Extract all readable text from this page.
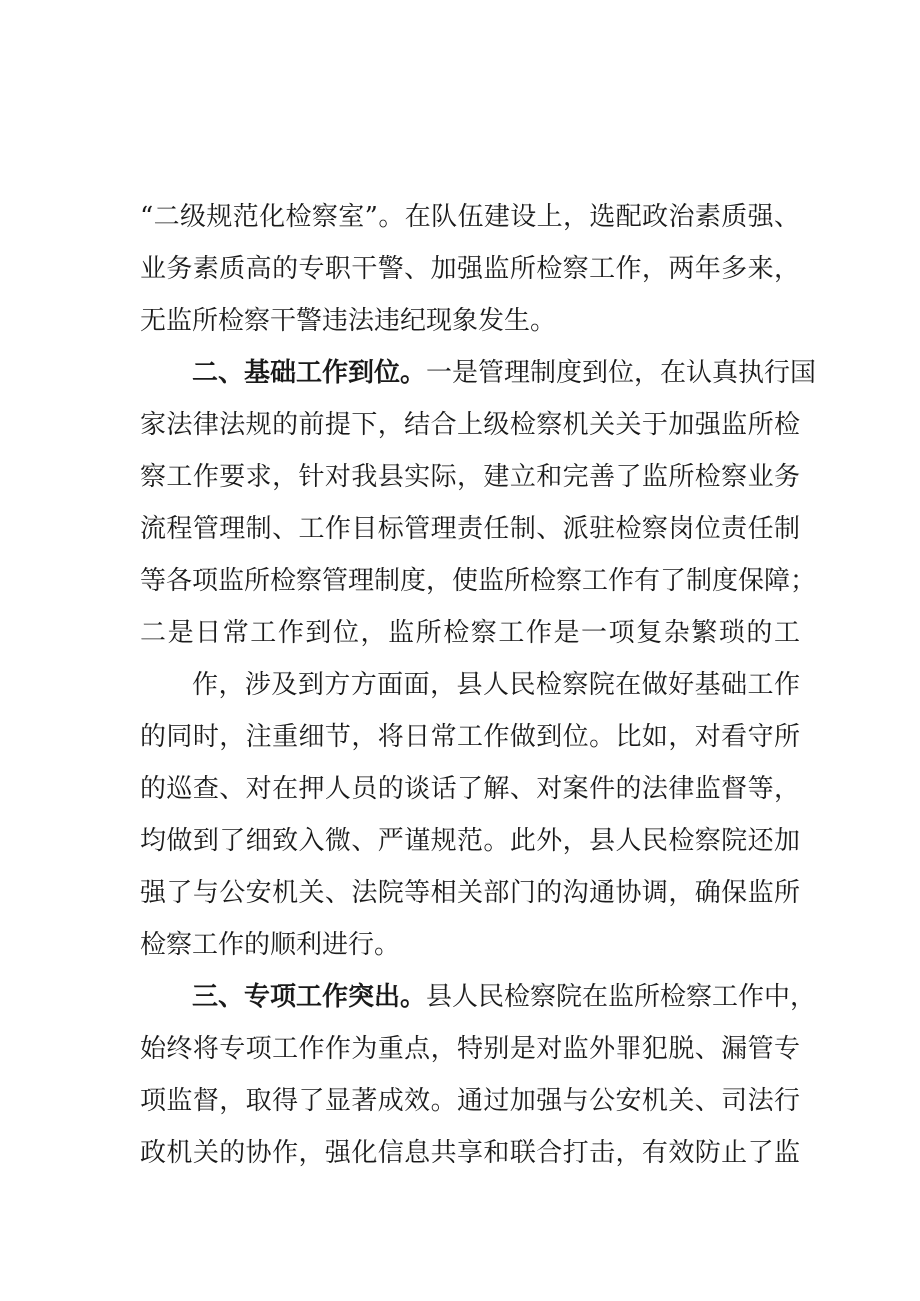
“二级规范化检察室”。在队伍建设上，选配政治素质强、
业务素质高的专职干警、加强监所检察工作，两年多来，
无监所检察干警违法违纪现象发生。
二、基础工作到位。一是管理制度到位，在认真执行国
家法律法规的前提下，结合上级检察机关关于加强监所检
察工作要求，针对我县实际，建立和完善了监所检察业务
流程管理制、工作目标管理责任制、派驻检察岗位责任制
等各项监所检察管理制度，使监所检察工作有了制度保障；
二是日常工作到位，监所检察工作是一项复杂繁琐的工
作，涉及到方方面面，县人民检察院在做好基础工作
的同时，注重细节，将日常工作做到位。比如，对看守所
的巡查、对在押人员的谈话了解、对案件的法律监督等，
均做到了细致入微、严谨规范。此外，县人民检察院还加
强了与公安机关、法院等相关部门的沟通协调，确保监所
检察工作的顺利进行。
三、专项工作突出。县人民检察院在监所检察工作中，
始终将专项工作作为重点，特别是对监外罪犯脱、漏管专
项监督，取得了显著成效。通过加强与公安机关、司法行
政机关的协作，强化信息共享和联合打击，有效防止了监
